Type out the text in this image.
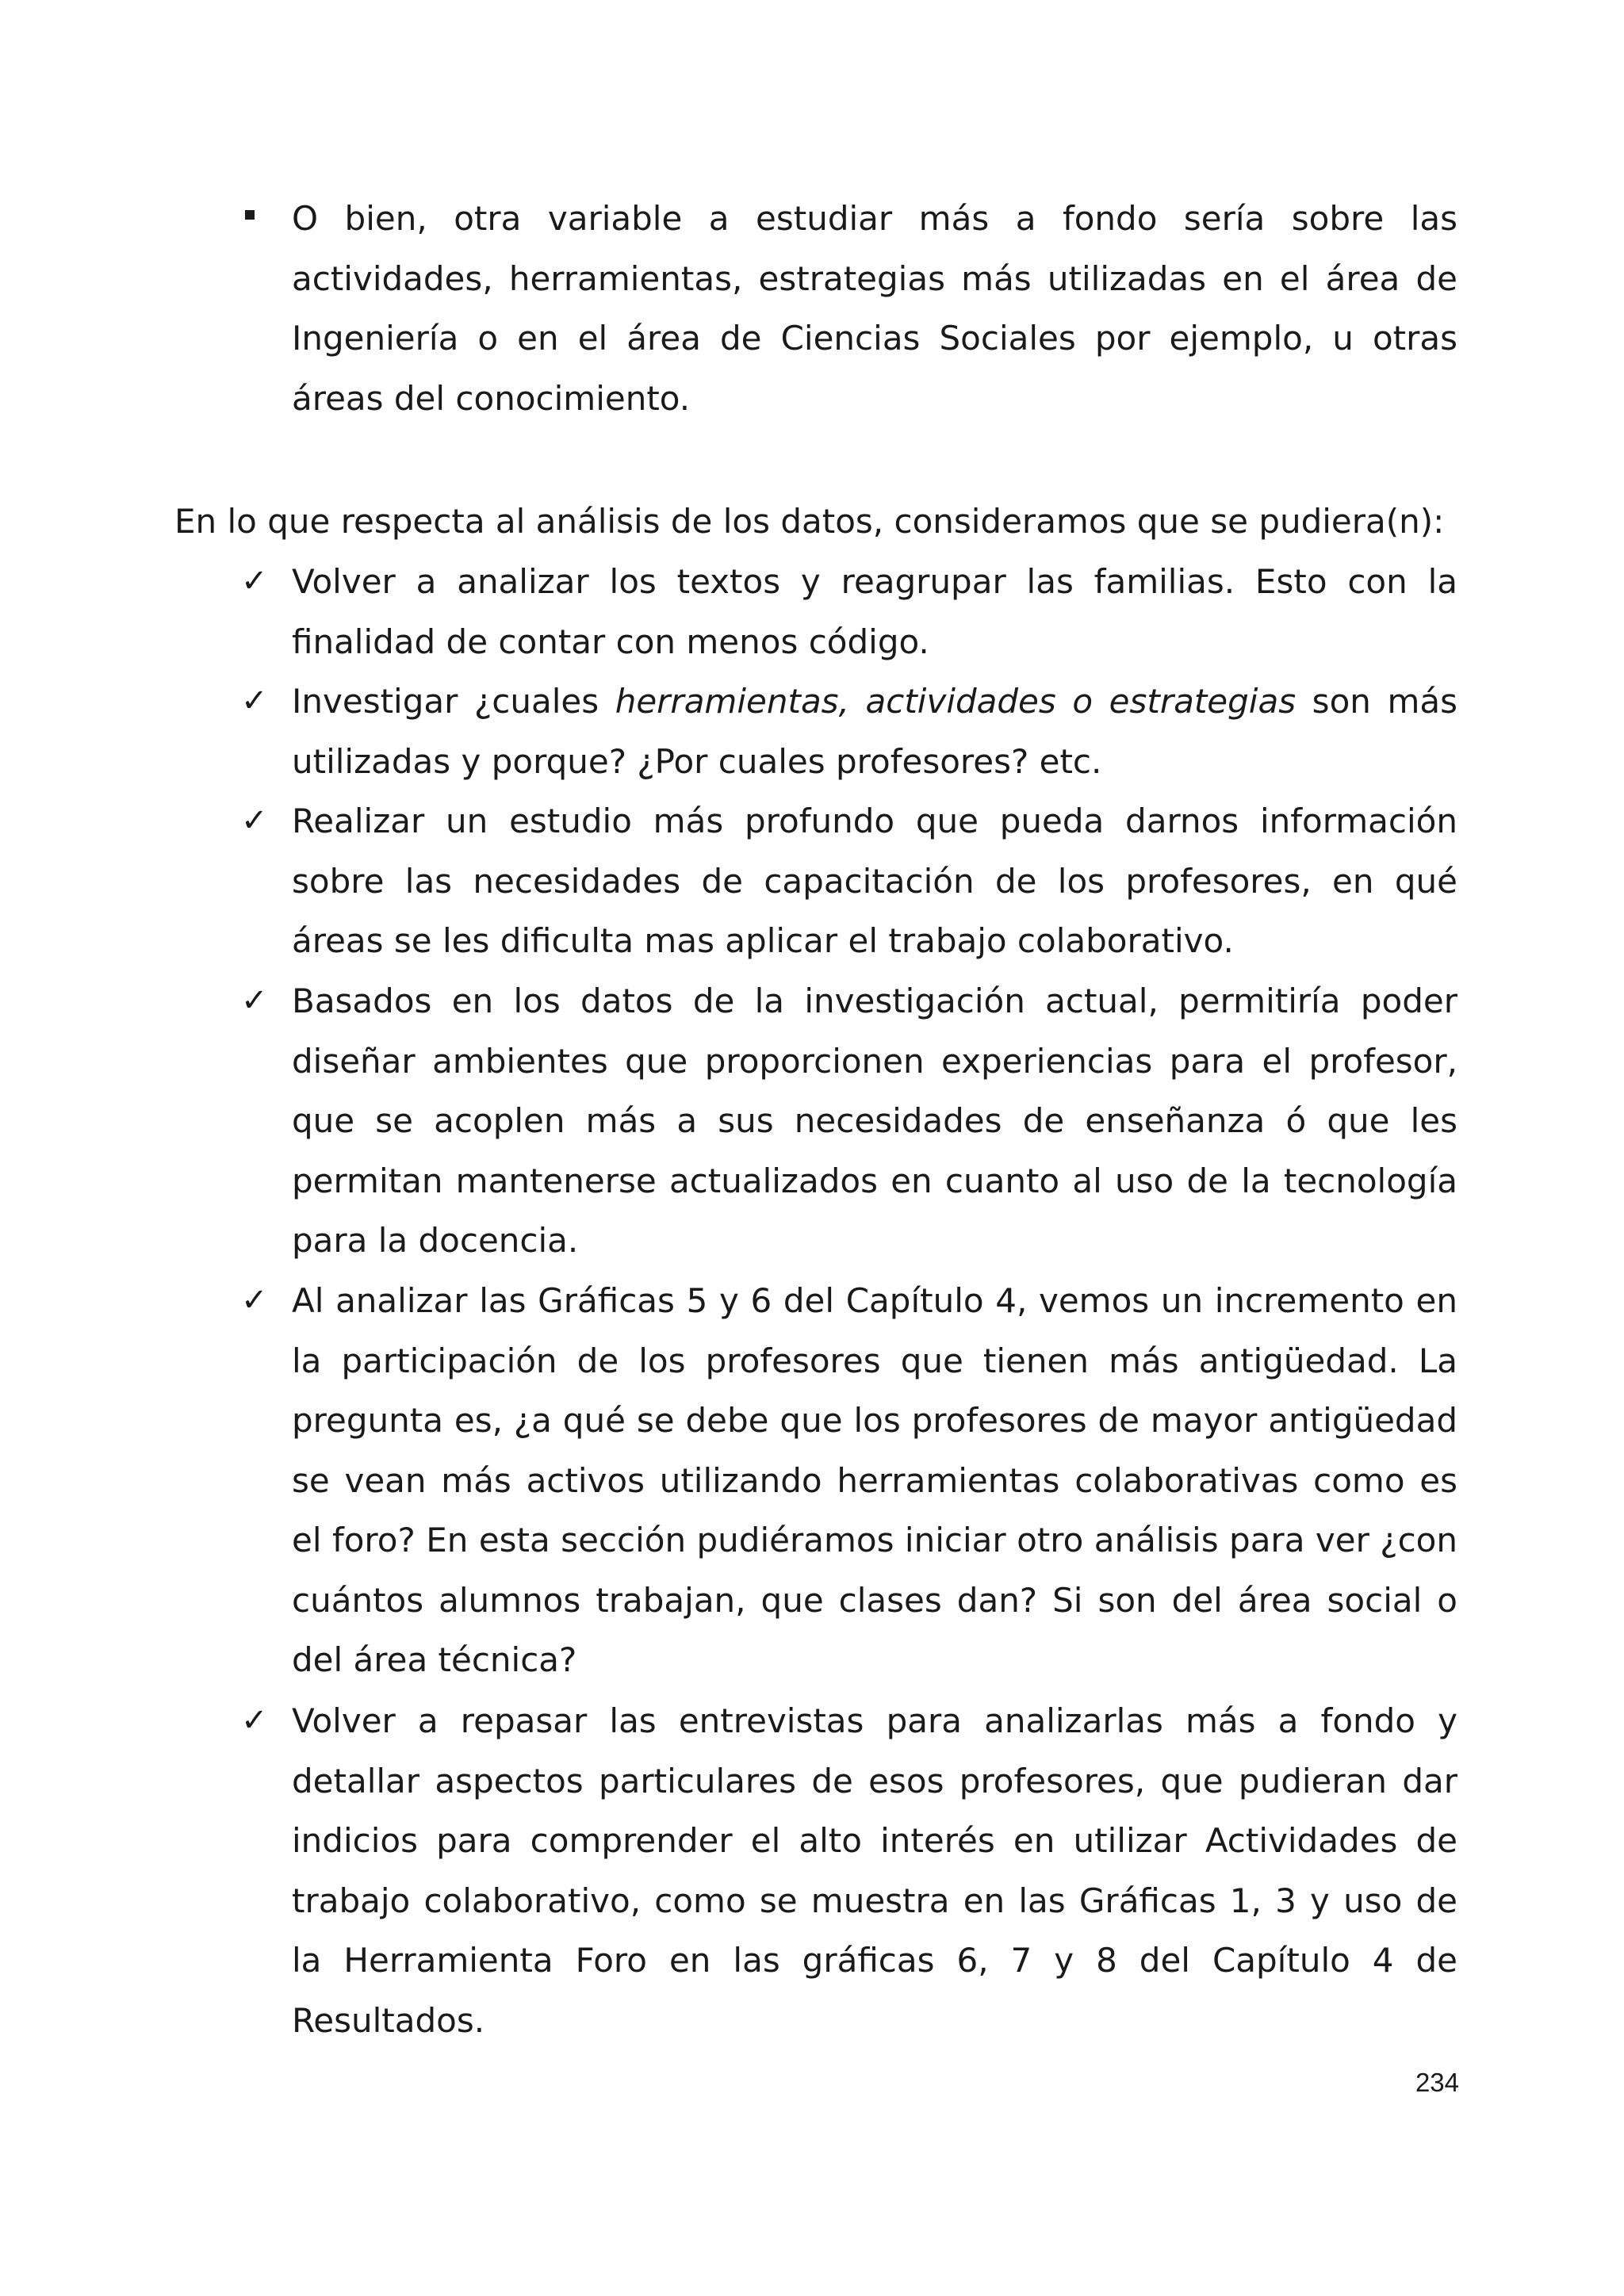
O bien, otra variable a estudiar más a fondo sería sobre las actividades, herramientas, estrategias más utilizadas en el área de Ingeniería o en el área de Ciencias Sociales por ejemplo, u otras áreas del conocimiento.

En lo que respecta al análisis de los datos, consideramos que se pudiera(n):

✓ Volver a analizar los textos y reagrupar las familias. Esto con la finalidad de contar con menos código.

✓ Investigar ¿cuales herramientas, actividades o estrategias son más utilizadas y porque? ¿Por cuales profesores? etc.

✓ Realizar un estudio más profundo que pueda darnos información sobre las necesidades de capacitación de los profesores, en qué áreas se les dificulta mas aplicar el trabajo colaborativo.

✓ Basados en los datos de la investigación actual, permitiría poder diseñar ambientes que proporcionen experiencias para el profesor, que se acoplen más a sus necesidades de enseñanza ó que les permitan mantenerse actualizados en cuanto al uso de la tecnología para la docencia.

✓ Al analizar las Gráficas 5 y 6 del Capítulo 4, vemos un incremento en la participación de los profesores que tienen más antigüedad. La pregunta es, ¿a qué se debe que los profesores de mayor antigüedad se vean más activos utilizando herramientas colaborativas como es el foro? En esta sección pudiéramos iniciar otro análisis para ver ¿con cuántos alumnos trabajan, que clases dan? Si son del área social o del área técnica?

✓ Volver a repasar las entrevistas para analizarlas más a fondo y detallar aspectos particulares de esos profesores, que pudieran dar indicios para comprender el alto interés en utilizar Actividades de trabajo colaborativo, como se muestra en las Gráficas 1, 3 y uso de la Herramienta Foro en las gráficas 6, 7 y 8 del Capítulo 4 de Resultados.

234
